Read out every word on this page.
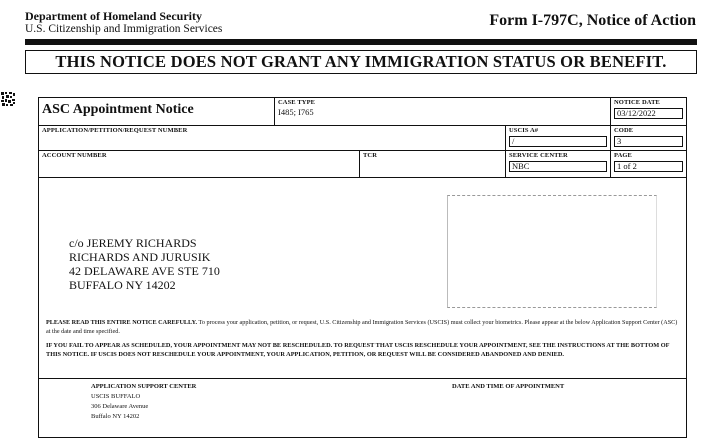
Department of Homeland Security
U.S. Citizenship and Immigration Services	Form I-797C, Notice of Action
THIS NOTICE DOES NOT GRANT ANY IMMIGRATION STATUS OR BENEFIT.
ASC Appointment Notice	CASE TYPE
I485; I765
NOTICE DATE
03/12/2022
APPLICATION/PETITION/REQUEST NUMBER	USCIS A#
/
CODE
3
ACCOUNT NUMBER	TCR	SERVICE CENTER
NBC
PAGE
1 of 2
c/o JEREMY RICHARDS
RICHARDS AND JURUSIK
42 DELAWARE AVE STE 710
BUFFALO NY 14202
PLEASE READ THIS ENTIRE NOTICE CAREFULLY. To process your application, petition, or request, U.S. Citizenship and Immigration Services (USCIS) must collect your biometrics. Please appear at the below Application Support Center (ASC) at the date and time specified.
IF YOU FAIL TO APPEAR AS SCHEDULED, YOUR APPOINTMENT MAY NOT BE RESCHEDULED. TO REQUEST THAT USCIS RESCHEDULE YOUR APPOINTMENT, SEE THE INSTRUCTIONS AT THE BOTTOM OF THIS NOTICE. IF USCIS DOES NOT RESCHEDULE YOUR APPOINTMENT, YOUR APPLICATION, PETITION, OR REQUEST WILL BE CONSIDERED ABANDONED AND DENIED.
APPLICATION SUPPORT CENTER
USCIS BUFFALO
306 Delaware Avenue
Buffalo NY 14202
DATE AND TIME OF APPOINTMENT
